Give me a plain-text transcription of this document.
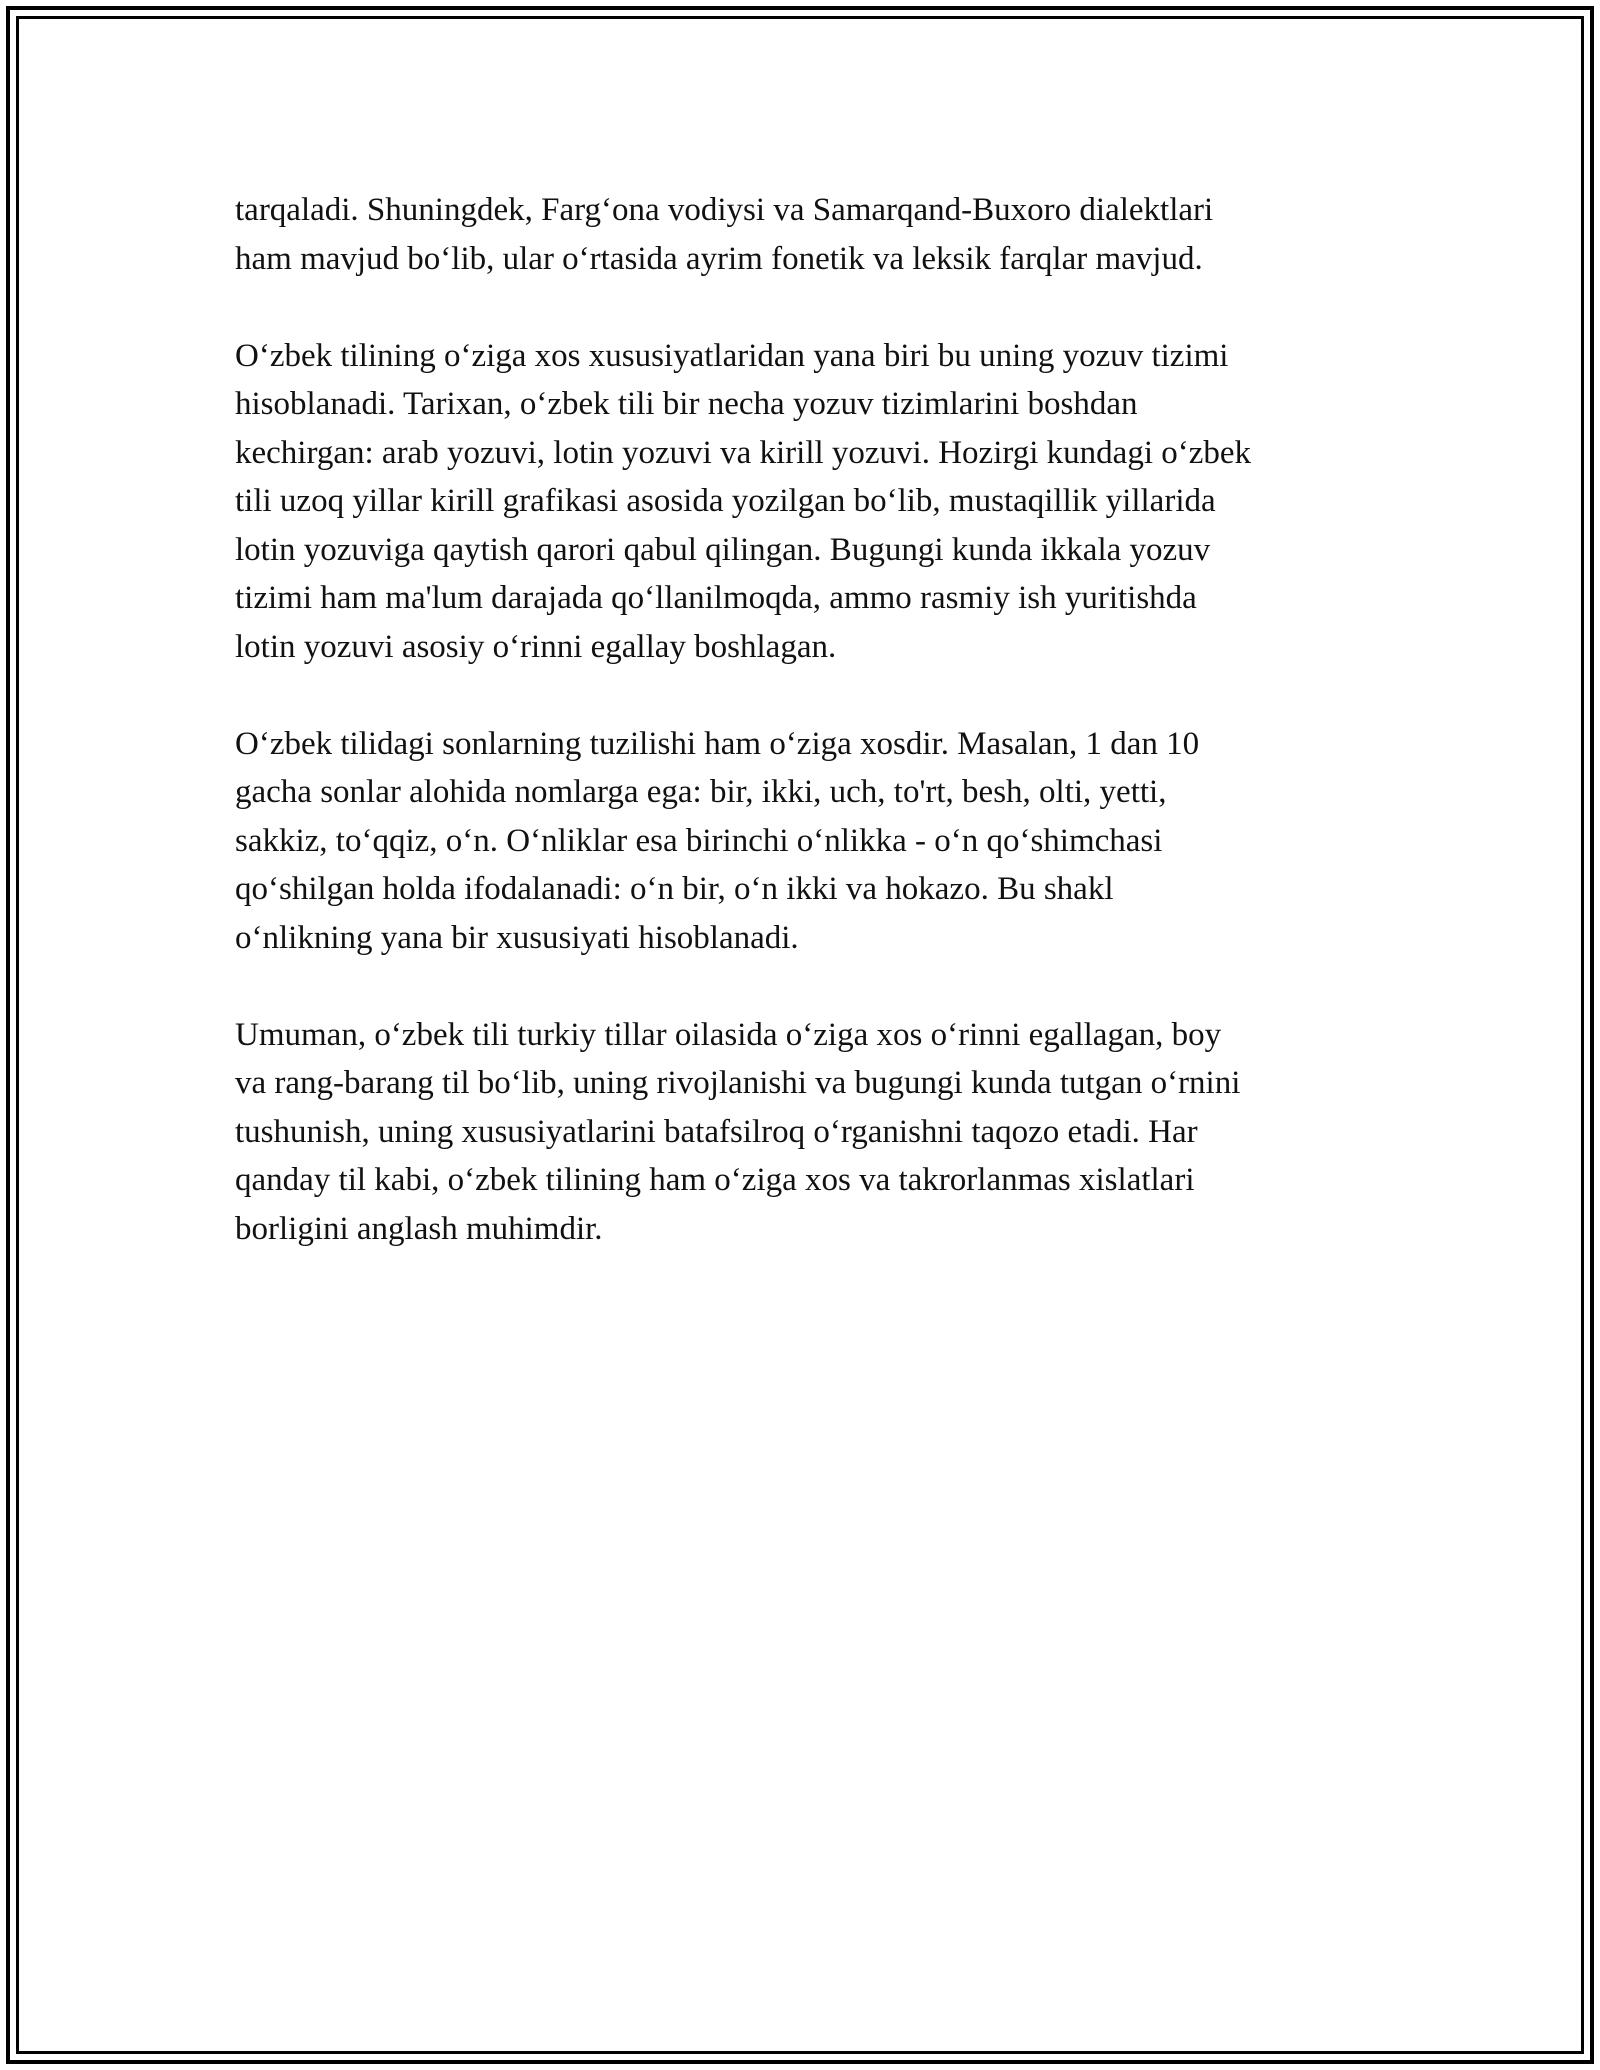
tarqaladi. Shuningdek, Farg‘ona vodiysi va Samarqand-Buxoro dialektlari
ham mavjud bo‘lib, ular o‘rtasida ayrim fonetik va leksik farqlar mavjud.

O‘zbek tilining o‘ziga xos xususiyatlaridan yana biri bu uning yozuv tizimi
hisoblanadi. Tarixan, o‘zbek tili bir necha yozuv tizimlarini boshdan
kechirgan: arab yozuvi, lotin yozuvi va kirill yozuvi. Hozirgi kundagi o‘zbek
tili uzoq yillar kirill grafikasi asosida yozilgan bo‘lib, mustaqillik yillarida
lotin yozuviga qaytish qarori qabul qilingan. Bugungi kunda ikkala yozuv
tizimi ham ma'lum darajada qo‘llanilmoqda, ammo rasmiy ish yuritishda
lotin yozuvi asosiy o‘rinni egallay boshlagan.

O‘zbek tilidagi sonlarning tuzilishi ham o‘ziga xosdir. Masalan, 1 dan 10
gacha sonlar alohida nomlarga ega: bir, ikki, uch, to'rt, besh, olti, yetti,
sakkiz, to‘qqiz, o‘n. O‘nliklar esa birinchi o‘nlikka - o‘n qo‘shimchasi
qo‘shilgan holda ifodalanadi: o‘n bir, o‘n ikki va hokazo. Bu shakl
o‘nlikning yana bir xususiyati hisoblanadi.

Umuman, o‘zbek tili turkiy tillar oilasida o‘ziga xos o‘rinni egallagan, boy
va rang-barang til bo‘lib, uning rivojlanishi va bugungi kunda tutgan o‘rnini
tushunish, uning xususiyatlarini batafsilroq o‘rganishni taqozo etadi. Har
qanday til kabi, o‘zbek tilining ham o‘ziga xos va takrorlanmas xislatlari
borligini anglash muhimdir.
